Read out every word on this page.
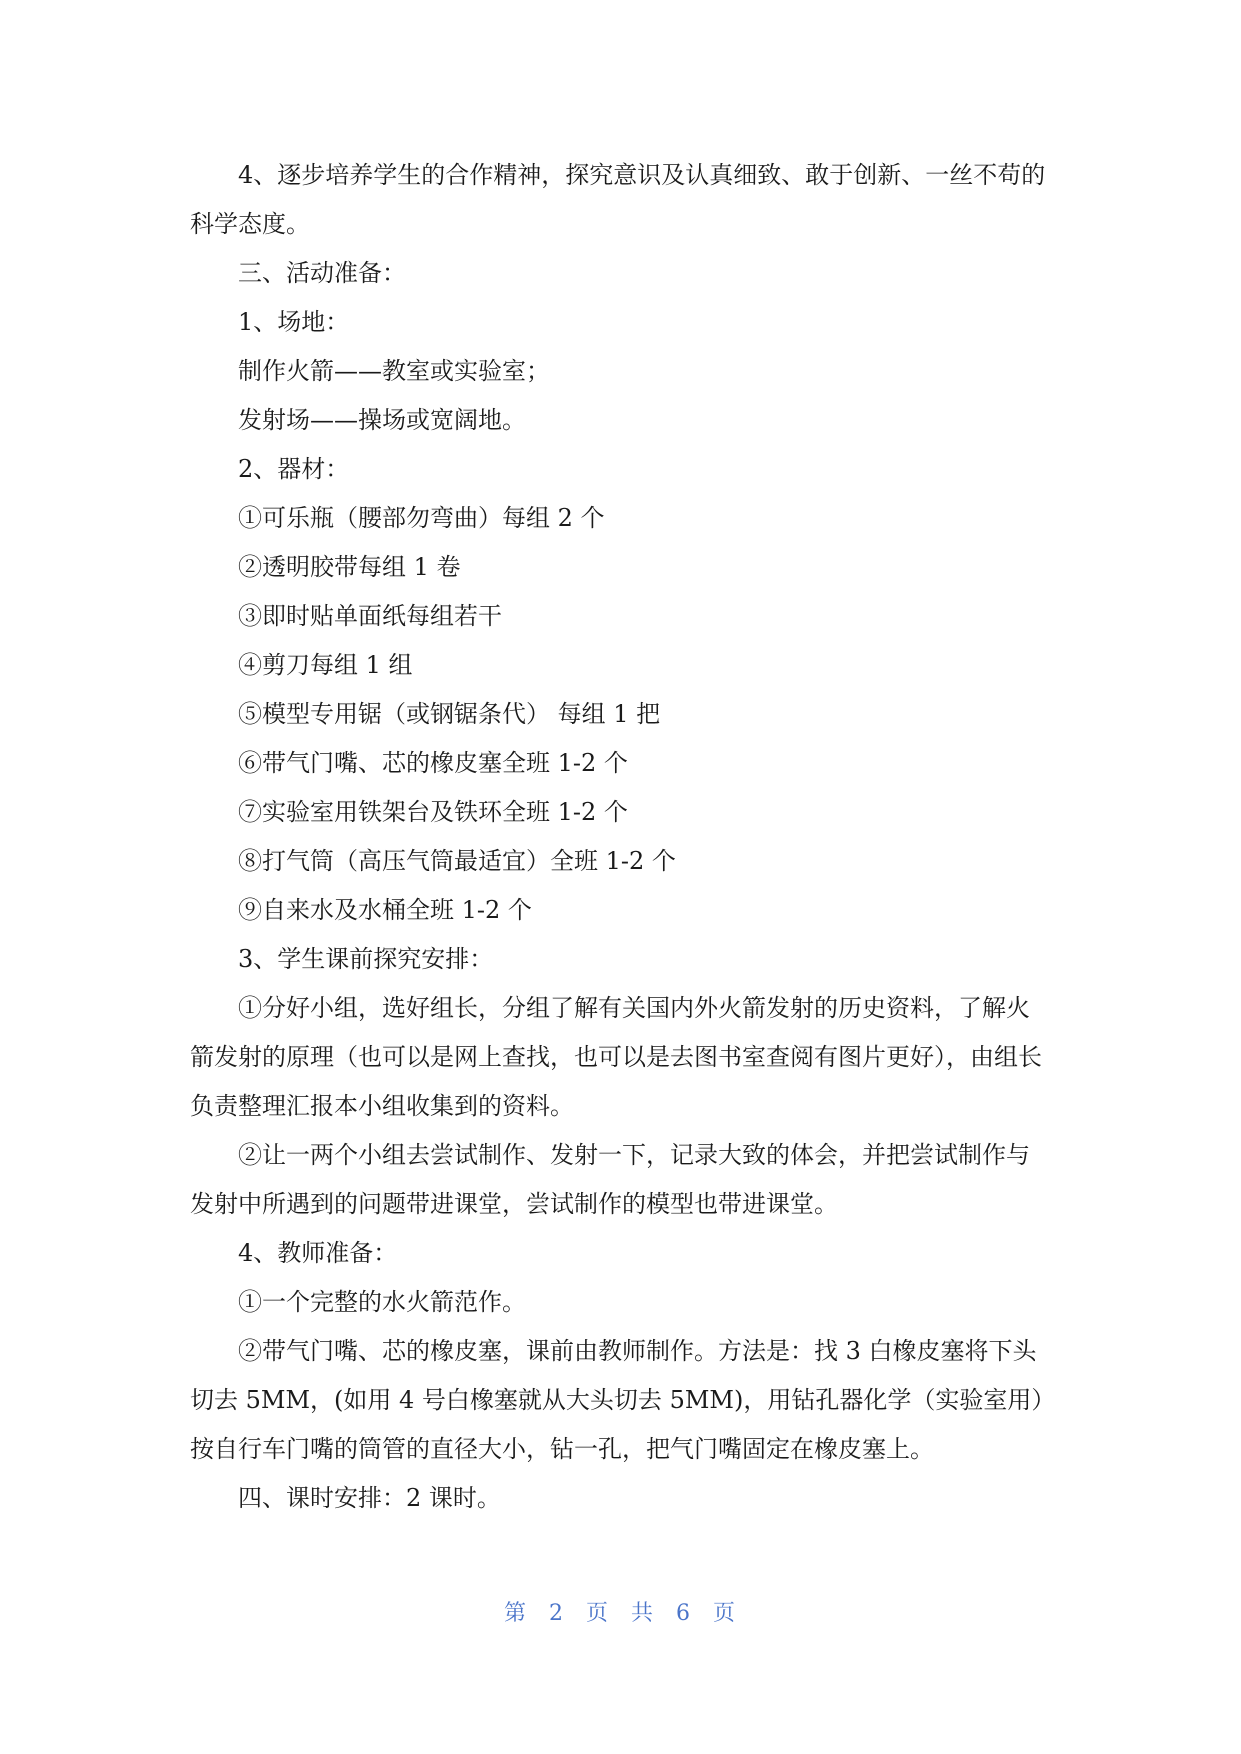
4、逐步培养学生的合作精神，探究意识及认真细致、敢于创新、一丝不苟的科学态度。

三、活动准备：

1、场地：

制作火箭——教室或实验室；

发射场——操场或宽阔地。

2、器材：

①可乐瓶（腰部勿弯曲）每组 2 个

②透明胶带每组 1 卷

③即时贴单面纸每组若干

④剪刀每组 1 组

⑤模型专用锯（或钢锯条代） 每组 1 把

⑥带气门嘴、芯的橡皮塞全班 1-2 个

⑦实验室用铁架台及铁环全班 1-2 个

⑧打气筒（高压气筒最适宜）全班 1-2 个

⑨自来水及水桶全班 1-2 个

3、学生课前探究安排：

①分好小组，选好组长，分组了解有关国内外火箭发射的历史资料，了解火箭发射的原理（也可以是网上查找，也可以是去图书室查阅有图片更好），由组长负责整理汇报本小组收集到的资料。

②让一两个小组去尝试制作、发射一下，记录大致的体会，并把尝试制作与发射中所遇到的问题带进课堂，尝试制作的模型也带进课堂。

4、教师准备：

①一个完整的水火箭范作。

②带气门嘴、芯的橡皮塞，课前由教师制作。方法是：找 3 白橡皮塞将下头切去 5MM，(如用 4 号白橡塞就从大头切去 5MM)，用钻孔器化学（实验室用）按自行车门嘴的筒管的直径大小，钻一孔，把气门嘴固定在橡皮塞上。

四、课时安排：2 课时。

第 2 页 共 6 页
